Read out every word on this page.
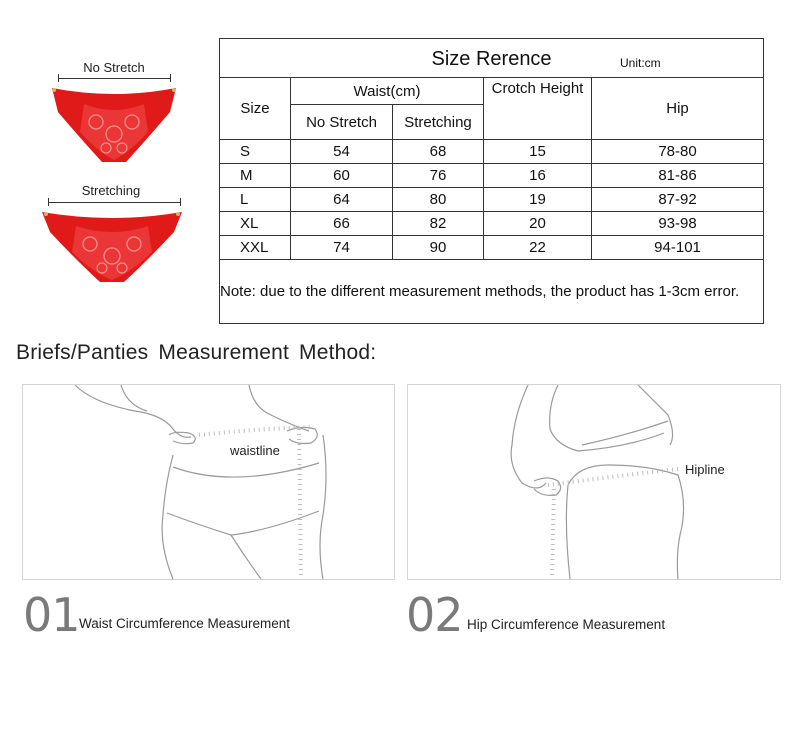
No Stretch
Stretching
Size Rerence Unit:cm				

Size	Waist(cm)		Crotch Height	Hip
	No Stretch	Stretching		
S	54	68	15	78-80
M	60	76	16	81-86
L	64	80	19	87-92
XL	66	82	20	93-98
XXL	74	90	22	94-101
Note: due to the different measurement methods, the product has 1-3cm error.				
Briefs/Panties Measurement Method:
waistline
Hipline
01 Waist Circumference Measurement	02 Hip Circumference Measurement
